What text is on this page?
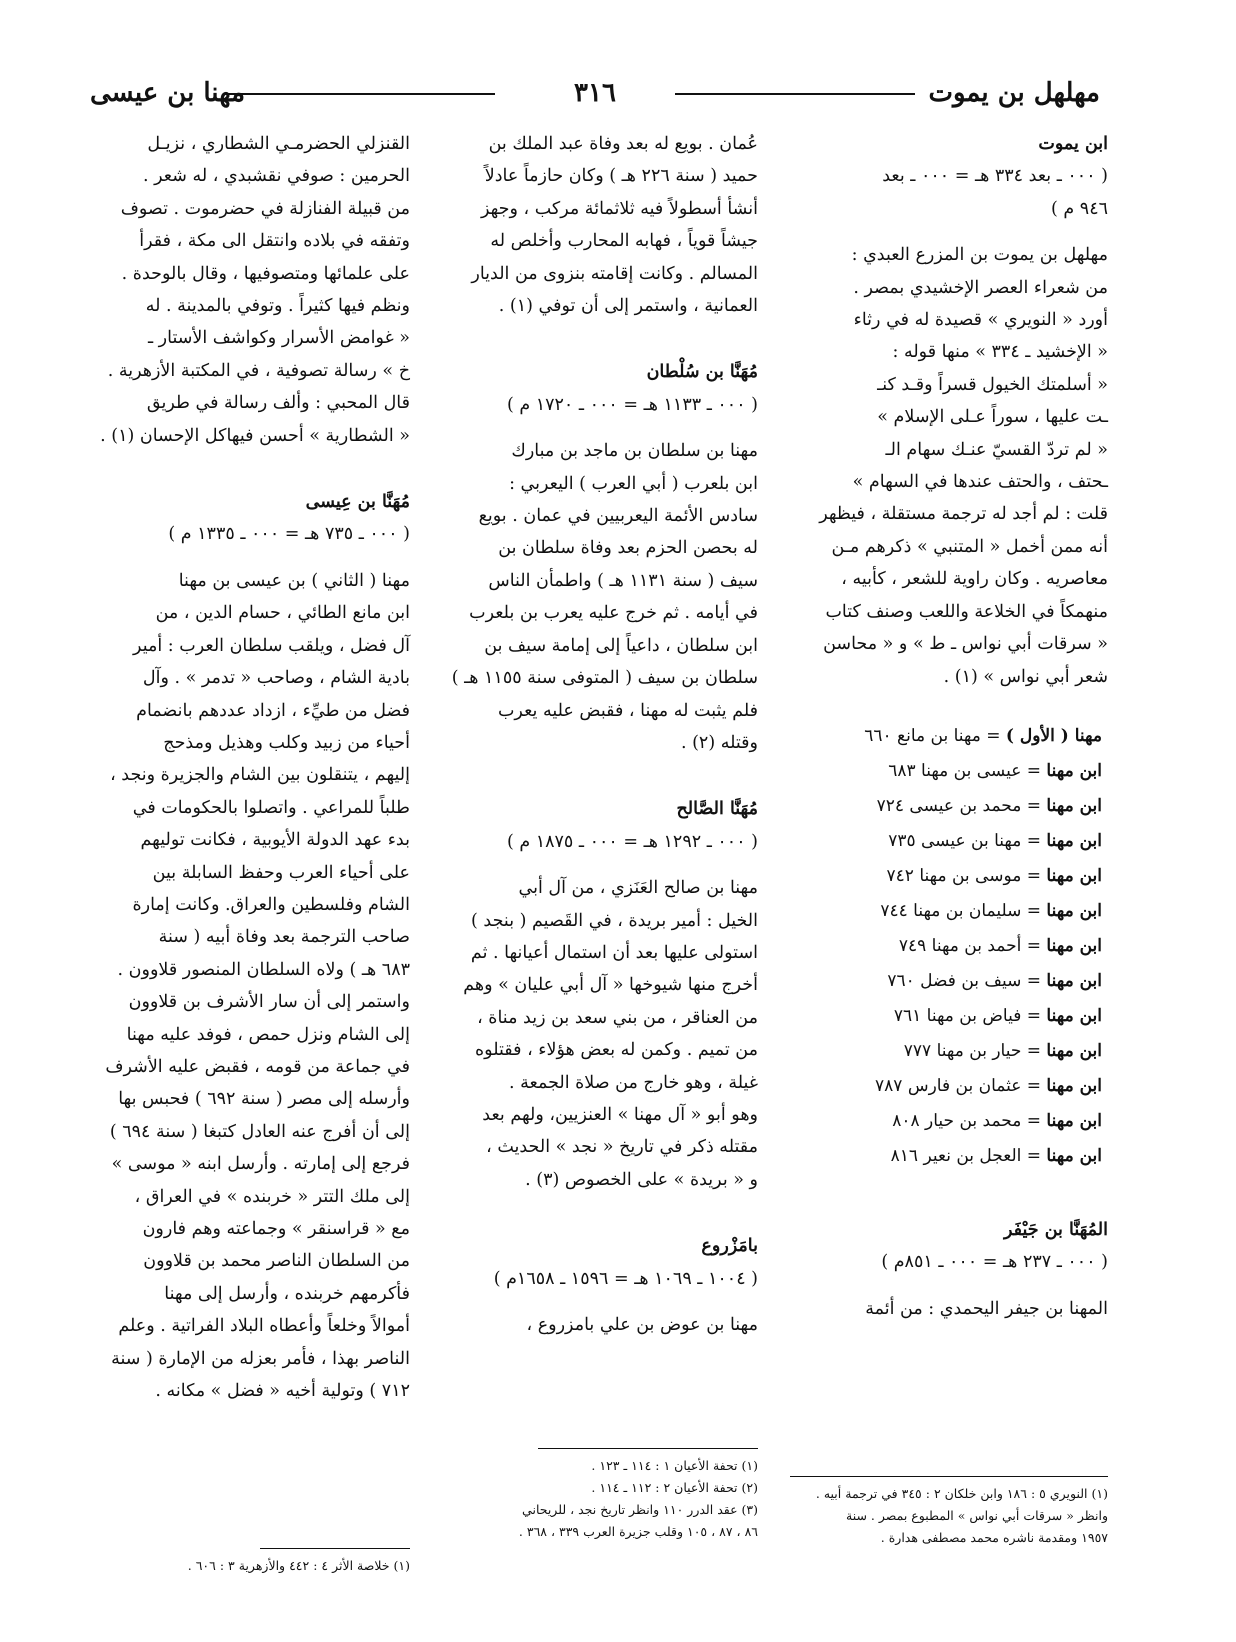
مهلهل بن يموت
٣١٦
مهنا بن عيسى

ابن يموت

( ٠٠٠ ـ بعد ٣٣٤ هـ = ٠٠٠ ـ بعد

٩٤٦ م )

مهلهل بن يموت بن المزرع العبدي :

من شعراء العصر الإخشيدي بمصر .

أورد « النويري » قصيدة له في رثاء

« الإخشيد ـ ٣٣٤ » منها قوله :

« أسلمتك الخيول قسراً وقـد كنـ

ـت عليها ، سوراً عـلى الإسلام »

« لم تردّ القسيّ عنـك سهام الـ

ـحتف ، والحتف عندها في السهام »

قلت : لم أجد له ترجمة مستقلة ، فيظهر

أنه ممن أخمل « المتنبي » ذكرهم مـن

معاصريه . وكان راوية للشعر ، كأبيه ،

منهمكاً في الخلاعة واللعب وصنف كتاب

« سرقات أبي نواس ـ ط » و « محاسن

شعر أبي نواس » (١) .

مهنا ( الأول ) = مهنا بن مانع ٦٦٠
ابن مهنا = عيسى بن مهنا ٦٨٣
ابن مهنا = محمد بن عيسى ٧٢٤
ابن مهنا = مهنا بن عيسى ٧٣٥
ابن مهنا = موسى بن مهنا ٧٤٢
ابن مهنا = سليمان بن مهنا ٧٤٤
ابن مهنا = أحمد بن مهنا ٧٤٩
ابن مهنا = سيف بن فضل ٧٦٠
ابن مهنا = فياض بن مهنا ٧٦١
ابن مهنا = حيار بن مهنا ٧٧٧
ابن مهنا = عثمان بن فارس ٧٨٧
ابن مهنا = محمد بن حيار ٨٠٨
ابن مهنا = العجل بن نعير ٨١٦

المُهَنَّا بن جَيْفَر

( ٠٠٠ ـ ٢٣٧ هـ = ٠٠٠ ـ ٨٥١م )

المهنا بن جيفر اليحمدي : من أئمة

(١) النويري ٥ : ١٨٦ وابن خلكان ٢ : ٣٤٥ في ترجمة أبيه .
وانظر « سرقات أبي نواس » المطبوع بمصر . سنة
١٩٥٧ ومقدمة ناشره محمد مصطفى هدارة .

عُمان . بويع له بعد وفاة عبد الملك بن

حميد ( سنة ٢٢٦ هـ ) وكان حازماً عادلاً

أنشأ أسطولاً فيه ثلاثمائة مركب ، وجهز

جيشاً قوياً ، فهابه المحارب وأخلص له

المسالم . وكانت إقامته بنزوى من الديار

العمانية ، واستمر إلى أن توفي (١) .

مُهَنَّا بن سُلْطان

( ٠٠٠ ـ ١١٣٣ هـ = ٠٠٠ ـ ١٧٢٠ م )

مهنا بن سلطان بن ماجد بن مبارك

ابن بلعرب ( أبي العرب ) اليعربي :

سادس الأئمة اليعربيين في عمان . بويع

له بحصن الحزم بعد وفاة سلطان بن

سيف ( سنة ١١٣١ هـ ) واطمأن الناس

في أيامه . ثم خرج عليه يعرب بن بلعرب

ابن سلطان ، داعياً إلى إمامة سيف بن

سلطان بن سيف ( المتوفى سنة ١١٥٥ هـ )

فلم يثبت له مهنا ، فقبض عليه يعرب

وقتله (٢) .

مُهَنَّا الصَّالح

( ٠٠٠ ـ ١٢٩٢ هـ = ٠٠٠ ـ ١٨٧٥ م )

مهنا بن صالح العَنَزي ، من آل أبي

الخيل : أمير بريدة ، في القَصيم ( بنجد )

استولى عليها بعد أن استمال أعيانها . ثم

أخرج منها شيوخها « آل أبي عليان » وهم

من العناقر ، من بني سعد بن زيد مناة ،

من تميم . وكمن له بعض هؤلاء ، فقتلوه

غيلة ، وهو خارج من صلاة الجمعة .

وهو أبو « آل مهنا » العنزيين، ولهم بعد

مقتله ذكر في تاريخ « نجد » الحديث ،

و « بريدة » على الخصوص (٣) .

بامَزْروع

( ١٠٠٤ ـ ١٠٦٩ هـ = ١٥٩٦ ـ ١٦٥٨م )

مهنا بن عوض بن علي بامزروع ،

(١) تحفة الأعيان ١ : ١١٤ ـ ١٢٣ .
(٢) تحفة الأعيان ٢ : ١١٢ ـ ١١٤ .
(٣) عقد الدرر ١١٠ وانظر تاريخ نجد ، للريحاني
٨٦ ، ٨٧ ، ١٠٥ وقلب جزيرة العرب ٣٣٩ ، ٣٦٨ .

القنزلي الحضرمـي الشطاري ، نزيـل

الحرمين : صوفي نقشبدي ، له شعر .

من قبيلة الفنازلة في حضرموت . تصوف

وتفقه في بلاده وانتقل الى مكة ، فقرأ

على علمائها ومتصوفيها ، وقال بالوحدة .

ونظم فيها كثيراً . وتوفي بالمدينة . له

« غوامض الأسرار وكواشف الأستار ـ

خ » رسالة تصوفية ، في المكتبة الأزهرية .

قال المحبي : وألف رسالة في طريق

« الشطارية » أحسن فيهاكل الإحسان (١) .

مُهَنَّا بن عِيسى

( ٠٠٠ ـ ٧٣٥ هـ = ٠٠٠ ـ ١٣٣٥ م )

مهنا ( الثاني ) بن عيسى بن مهنا

ابن مانع الطائي ، حسام الدين ، من

آل فضل ، ويلقب سلطان العرب : أمير

بادية الشام ، وصاحب « تدمر » . وآل

فضل من طيِّء ، ازداد عددهم بانضمام

أحياء من زبيد وكلب وهذيل ومذحج

إليهم ، يتنقلون بين الشام والجزيرة ونجد ،

طلباً للمراعي . واتصلوا بالحكومات في

بدء عهد الدولة الأيوبية ، فكانت توليهم

على أحياء العرب وحفظ السابلة بين

الشام وفلسطين والعراق. وكانت إمارة

صاحب الترجمة بعد وفاة أبيه ( سنة

٦٨٣ هـ ) ولاه السلطان المنصور قلاوون .

واستمر إلى أن سار الأشرف بن قلاوون

إلى الشام ونزل حمص ، فوفد عليه مهنا

في جماعة من قومه ، فقبض عليه الأشرف

وأرسله إلى مصر ( سنة ٦٩٢ ) فحبس بها

إلى أن أفرج عنه العادل كتبغا ( سنة ٦٩٤ )

فرجع إلى إمارته . وأرسل ابنه « موسى »

إلى ملك التتر « خربنده » في العراق ،

مع « قراسنقر » وجماعته وهم فارون

من السلطان الناصر محمد بن قلاوون

فأكرمهم خربنده ، وأرسل إلى مهنا

أموالاً وخلعاً وأعطاه البلاد الفراتية . وعلم

الناصر بهذا ، فأمر بعزله من الإمارة ( سنة

٧١٢ ) وتولية أخيه « فضل » مكانه .

(١) خلاصة الأثر ٤ : ٤٤٢ والأزهرية ٣ : ٦٠٦ .
